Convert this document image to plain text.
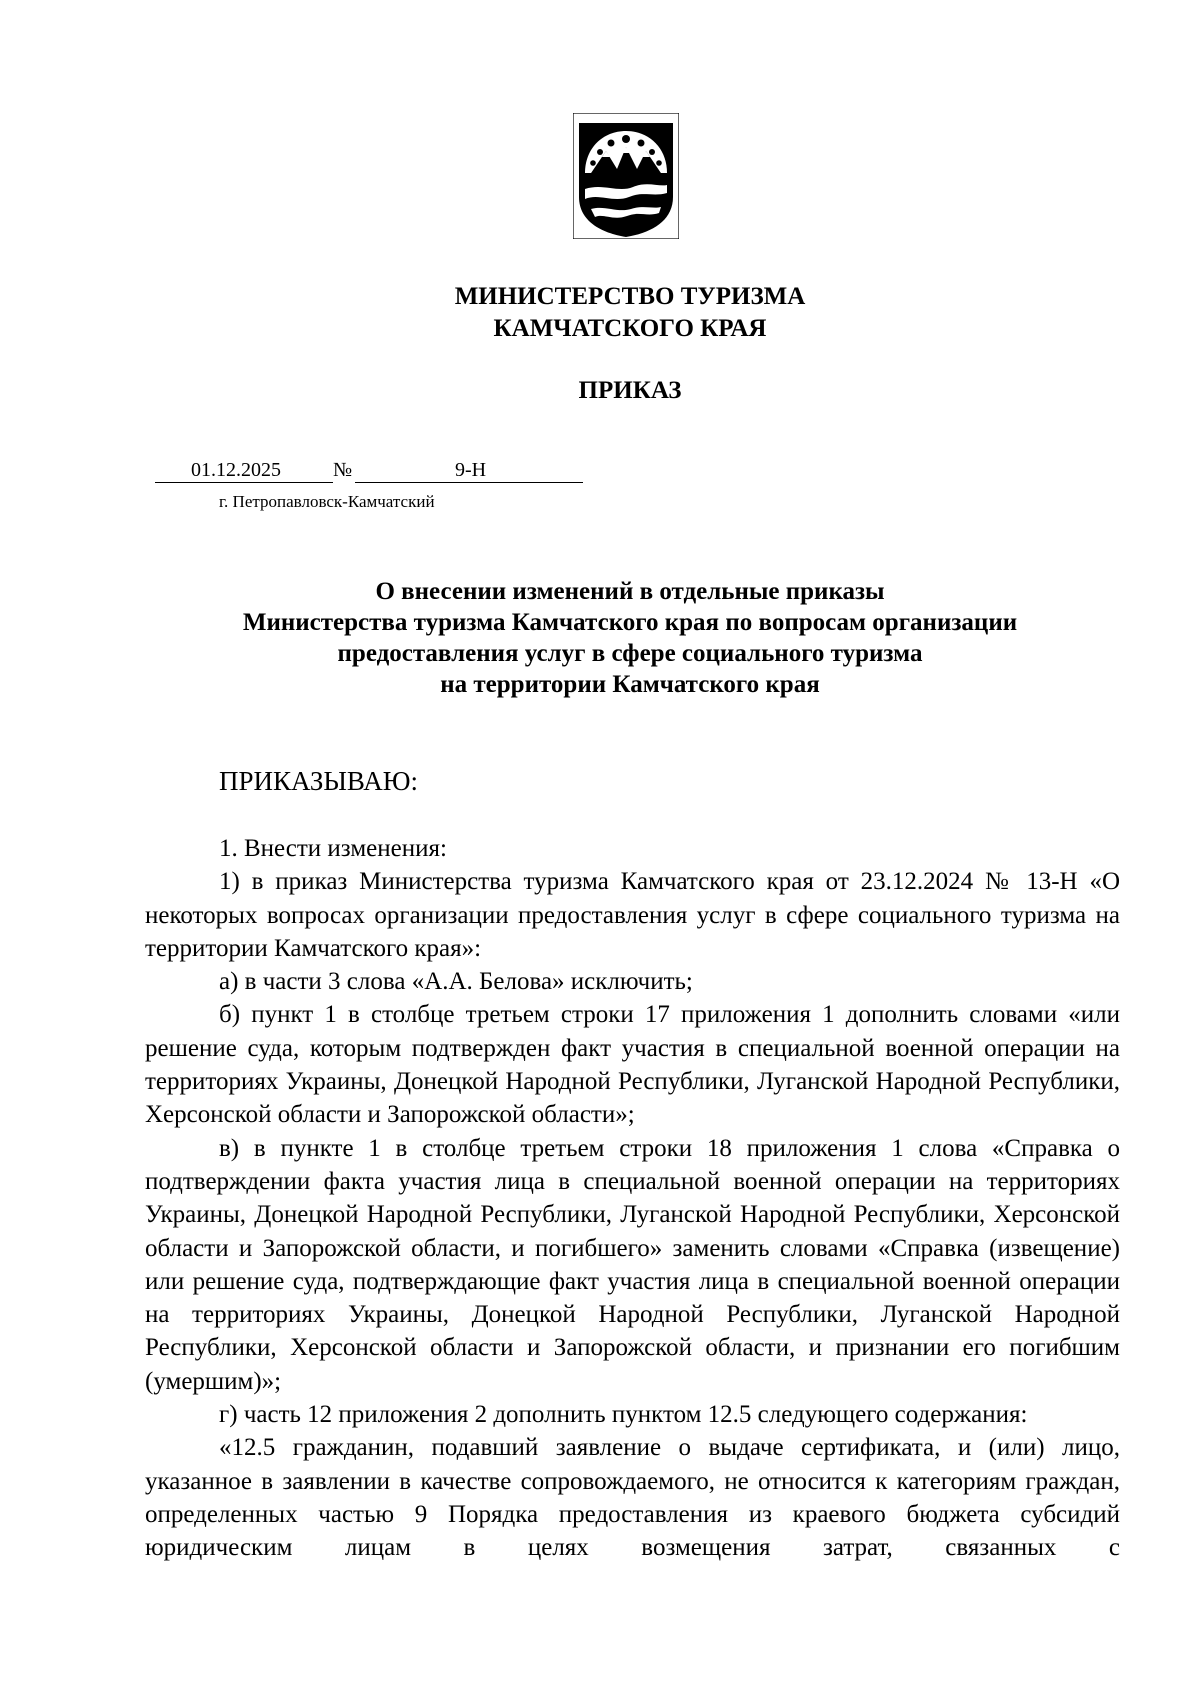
МИНИСТЕРСТВО ТУРИЗМА
КАМЧАТСКОГО КРАЯ
ПРИКАЗ
01.12.2025	№	9-Н
г. Петропавловск-Камчатский
О внесении изменений в отдельные приказы
Министерства туризма Камчатского края по вопросам организации
предоставления услуг в сфере социального туризма
на территории Камчатского края
ПРИКАЗЫВАЮ:

1. Внести изменения:

1) в приказ Министерства туризма Камчатского края от 23.12.2024 № 13-Н «О некоторых вопросах организации предоставления услуг в сфере социального туризма на территории Камчатского края»:

а) в части 3 слова «А.А. Белова» исключить;

б) пункт 1 в столбце третьем строки 17 приложения 1 дополнить словами «или решение суда, которым подтвержден факт участия в специальной военной операции на территориях Украины, Донецкой Народной Республики, Луганской Народной Республики, Херсонской области и Запорожской области»;

в) в пункте 1 в столбце третьем строки 18 приложения 1 слова «Справка о подтверждении факта участия лица в специальной военной операции на территориях Украины, Донецкой Народной Республики, Луганской Народной Республики, Херсонской области и Запорожской области, и погибшего» заменить словами «Справка (извещение) или решение суда, подтверждающие факт участия лица в специальной военной операции на территориях Украины, Донецкой Народной Республики, Луганской Народной Республики, Херсонской области и Запорожской области, и признании его погибшим (умершим)»;

г) часть 12 приложения 2 дополнить пунктом 12.5 следующего содержания:

«12.5 гражданин, подавший заявление о выдаче сертификата, и (или) лицо, указанное в заявлении в качестве сопровождаемого, не относится к категориям граждан, определенных частью 9 Порядка предоставления из краевого бюджета субсидий юридическим лицам в целях возмещения затрат, связанных с
